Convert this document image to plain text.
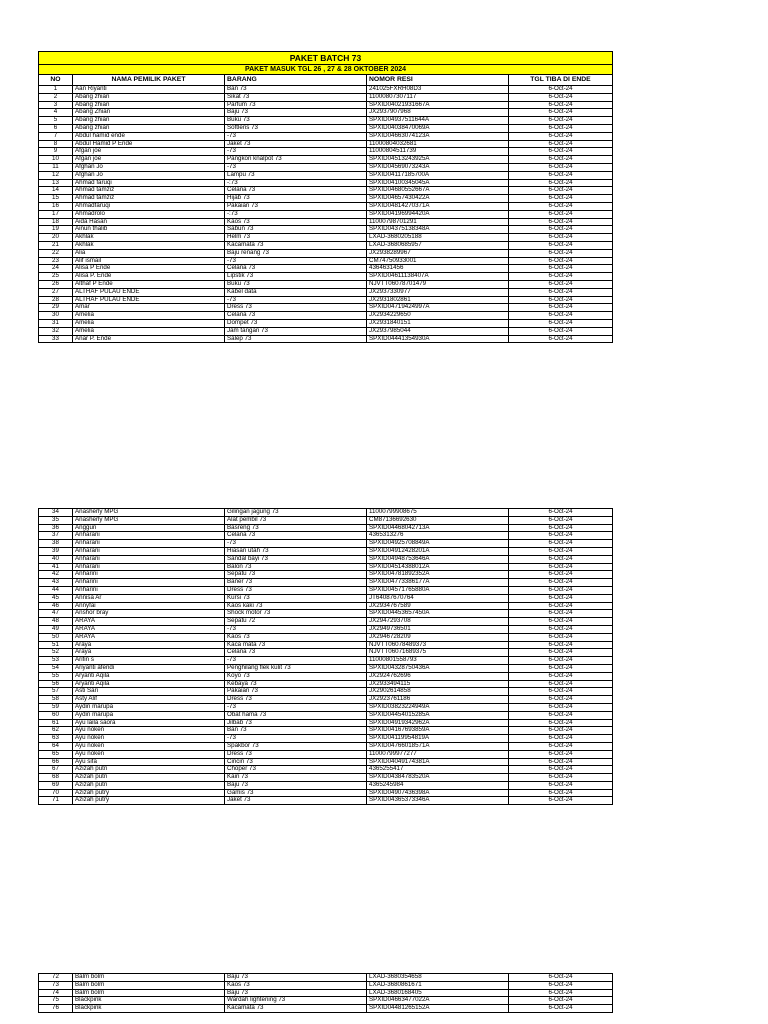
PAKET BATCH 73				
PAKET MASUK TGL 26 , 27 & 28 OKTOBER 2024				
NO	NAMA PEMILIK PAKET	BARANG	NOMOR RESI	TGL TIBA DI ENDE
1	Aan Riyanti	Ban 73	241025FXRH08D3	6-Oct-24
2	Abang zhian	Sikat 73	11000807307117	6-Oct-24
3	Abang zhian	Parfum 73	SPXID04021931667A	6-Oct-24
4	Abang Zhian	Baju 73	JX2937907968	6-Oct-24
5	Abang zhian	Buku 73	SPXID04937511644A	6-Oct-24
6	Abang zhian	Softlens 73	SPXID04038470069A	6-Oct-24
7	Abdul hamid ende	-73	SPXID04663074123A	6-Oct-24
8	Abdul Hamid P Ende	Jaket 73	11000804032681	6-Oct-24
9	Afgan joe	-73	11000804511739	6-Oct-24
10	Afgan joe	Pangkon knalpot 73	SPXID04513243925A	6-Oct-24
11	Afghan Jo	-73	SPXID04569073243A	6-Oct-24
12	Afghan Jo	Lampu 73	SPXID04117185700A	6-Oct-24
13	Ahmad faruqi	-:73	SPXID04100345045A	6-Oct-24
14	Ahmad tamziz	Celana 73	SPXID04680552667A	6-Oct-24
15	Ahmad tamziz	Hijab 73	SPXID04657430422A	6-Oct-24
16	Ahmadfaruqi	Pakaian 73	SPXID04814270371A	6-Oct-24
17	Ahmadrolo	-:73	SPXID04196994420A	6-Oct-24
18	Aida Hasan	Kaos 73	11000798701291	6-Oct-24
19	Ainun thalib	Sabun 73	SPXID04375138348A	6-Oct-24
20	Akhlak	Helm 73	LXAD-3680205188	6-Oct-24
21	Akhlak	Kacamata 73	LXAD-3680685957	6-Oct-24
22	Alia	Baju renang 73	JX2938289967	6-Oct-24
23	Alif ismail	-73	CM74750933001	6-Oct-24
24	Alisa P Ende	Celana 73	4364631456	6-Oct-24
25	Alisa P. Ende	Lipstik 73	SPXID04611138407A	6-Oct-24
26	Althaf P Ende	Buku 73	NJVTT06078701479	6-Oct-24
27	ALTHAF PULAU ENDE	Kabel data	JX2937330977	6-Oct-24
28	ALTHAF PULAU ENDE	-73	JX2931802861	6-Oct-24
29	Amar	Dress 73	SPXID04719424997A	6-Oct-24
30	Amelia	Celana 73	JX2934229650	6-Oct-24
31	Amelia	Dompet 73	JX2931840151	6-Oct-24
32	Amelia	Jam tangan 73	JX2937985044	6-Oct-24
33	Anar P. Ende	Salep 73	SPXID04441354930A	6-Oct-24
34	Anasherly MPG	Gilingan jagung 73	11000799908675	6-Oct-24
35	Anasherly MPG	Alat pembil 73	CM87136692630	6-Oct-24
36	Anggun	Basreng 73	SPXID04468042713A	6-Oct-24
37	Anharani	Celana 73	4365313276	6-Oct-24
38	Anharani	-73	SPXID04925708849A	6-Oct-24
39	Anharani	Hiasan utah 73	SPXID04912428201A	6-Oct-24
40	Anharani	Sandal bayi 73	SPXID04948753646A	6-Oct-24
41	Anharani	Balon 73	SPXID04514388012A	6-Oct-24
42	Anharini	Sepatu 73	SPXID04781892352A	6-Oct-24
43	Anharini	Baner 73	SPXID04773386177A	6-Oct-24
44	Anharini	Dress 73	SPXID04571765880A	6-Oct-24
45	Annisa Ar	Kursi 73	JT64087670764	6-Oct-24
46	Annyfai	Kaos kaki 73	JX2934767589	6-Oct-24
47	Anshor bray	Shock motor 73	SPXID04453657450A	6-Oct-24
48	ARAYA	Sepatu 72	JX2947293708	6-Oct-24
49	ARAYA	-73	JX2949736501	6-Oct-24
50	ARAYA	Kaos 73	JX2946728209	6-Oct-24
51	Araya	Kaca mata 73	NJVTT06078489373	6-Oct-24
52	Araya	Celana 73	NJVTT06071689375	6-Oct-24
53	Arifin s	-73	11000801558793	6-Oct-24
54	Ariyanti afendi	Penghilang flek kulit 73	SPXID04328750436A	6-Oct-24
55	Aryanti Aqila	Koyo 73	JX2924762696	6-Oct-24
56	Aryanti Aqila	Kebaya 73	JX2933494115	6-Oct-24
57	Asti Sari	Pakaian 73	JX2902614858	6-Oct-24
58	Asty Alif	Dress 73	JX2923761186	6-Oct-24
59	Aydin marupa	-73	SPXID03823224949A	6-Oct-24
60	Aydin marupa	Obat hama 73	SPXID04454015285A	6-Oct-24
61	Ayu laila saora	Jilbab 73	SPXID04919342962A	6-Oct-24
62	Ayu noken	Ban 73	SPXID04167693859A	6-Oct-24
63	Ayu noken	-73	SPXID04119954819A	6-Oct-24
64	Ayu noken	Spakbor 73	SPXID04766018571A	6-Oct-24
65	Ayu noken	Dress 73	11000799977277	6-Oct-24
66	Ayu sifa	Cincin 73	SPXID04049174381A	6-Oct-24
67	Azizah putri	Choper 73	4365255417	6-Oct-24
68	Azizah putri	Kain 73	SPXID04384783520A	6-Oct-24
69	Azizah putri	Baju 73	4365245984	6-Oct-24
70	Azizah putry	Gamis 73	SPXID04907436398A	6-Oct-24
71	Azizah putry	Jaket 73	SPXID04365373346A	6-Oct-24
72	Balm bolm	Baju 73	LXAD-3680354658	6-Oct-24
73	Balm bolm	Kaos 73	LXAD-3680861671	6-Oct-24
74	Balm bolm	Baju 73	LXAD-3680168405	6-Oct-24
75	Blackpink	Wardah lightening 73	SPXID04663477022A	6-Oct-24
76	Blackpink	Kacamata 73	SPXID04481265152A	6-Oct-24
